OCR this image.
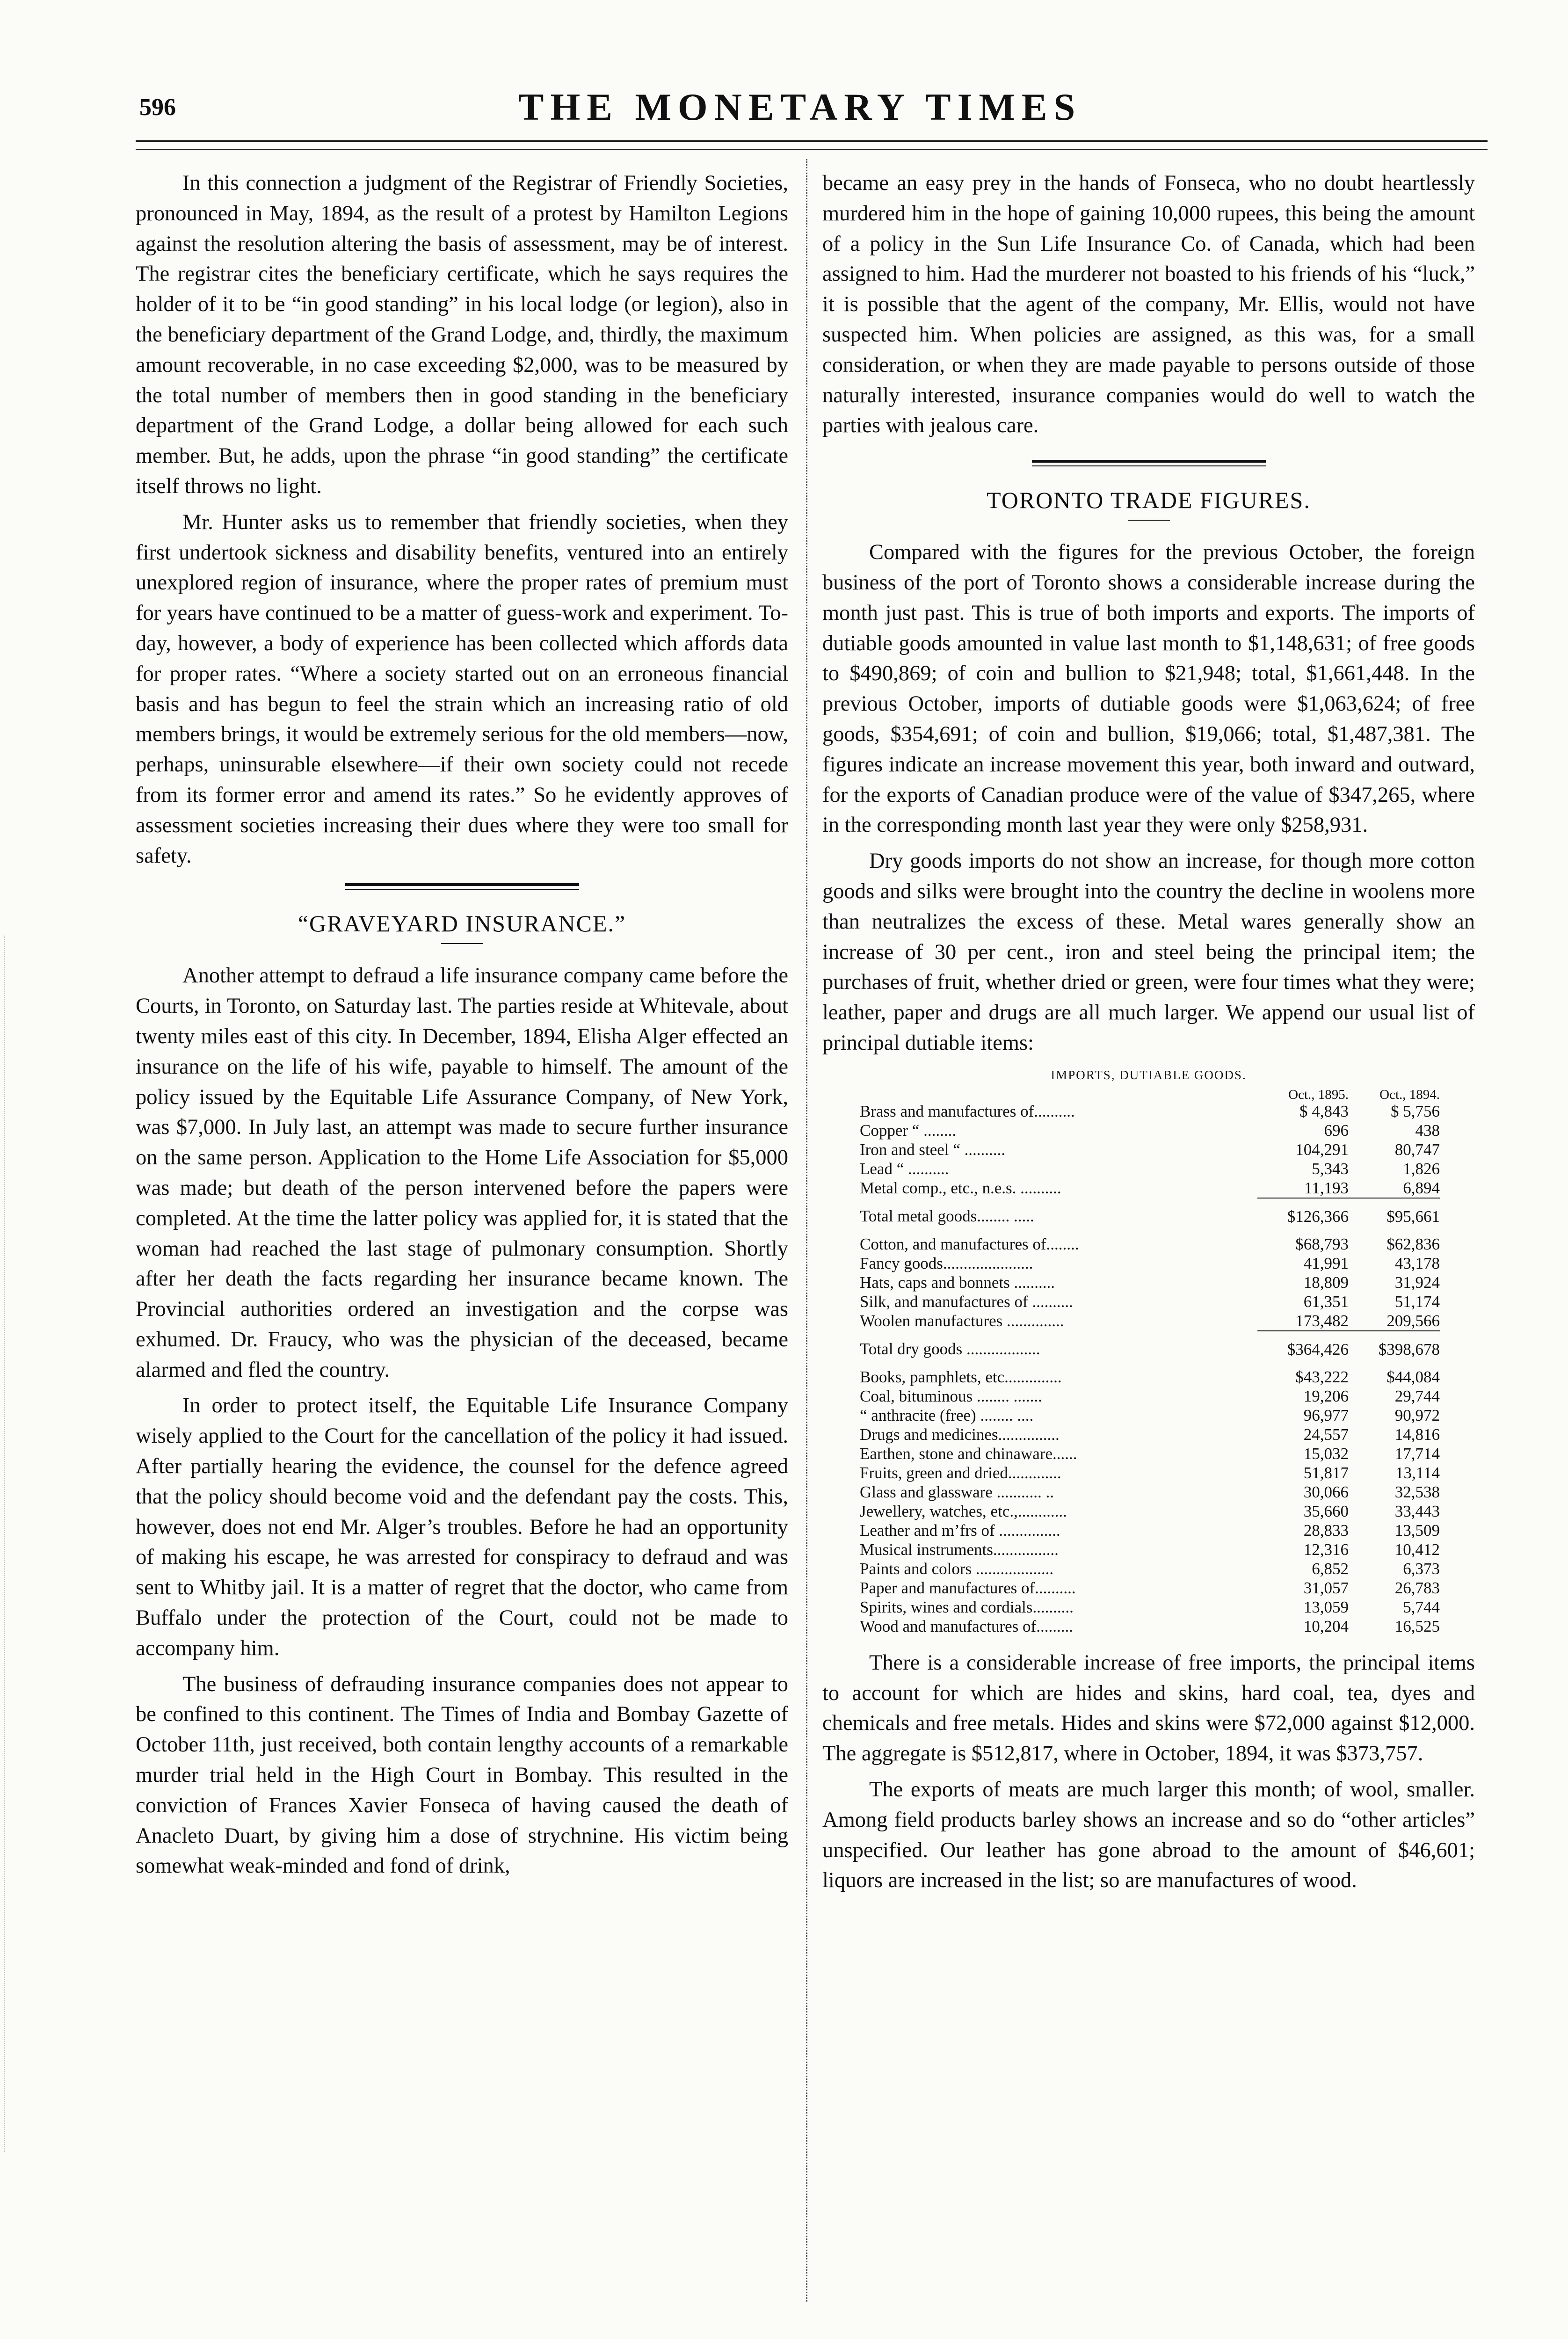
596	THE MONETARY TIMES

In this connection a judgment of the Registrar of Friendly Societies, pronounced in May, 1894, as the result of a protest by Hamilton Legions against the resolution altering the basis of assessment, may be of interest. The registrar cites the beneficiary certificate, which he says requires the holder of it to be “in good standing” in his local lodge (or legion), also in the beneficiary department of the Grand Lodge, and, thirdly, the maximum amount recoverable, in no case exceeding $2,000, was to be measured by the total number of members then in good standing in the beneficiary department of the Grand Lodge, a dollar being allowed for each such member. But, he adds, upon the phrase “in good standing” the certificate itself throws no light.

Mr. Hunter asks us to remember that friendly societies, when they first undertook sickness and disability benefits, ventured into an entirely unexplored region of insurance, where the proper rates of premium must for years have continued to be a matter of guess-work and experiment. To-day, however, a body of experience has been collected which affords data for proper rates. “Where a society started out on an erroneous financial basis and has begun to feel the strain which an increasing ratio of old members brings, it would be extremely serious for the old members—now, perhaps, uninsurable elsewhere—if their own society could not recede from its former error and amend its rates.” So he evidently approves of assessment societies increasing their dues where they were too small for safety.

“GRAVEYARD INSURANCE.”

Another attempt to defraud a life insurance company came before the Courts, in Toronto, on Saturday last. The parties reside at Whitevale, about twenty miles east of this city. In December, 1894, Elisha Alger effected an insurance on the life of his wife, payable to himself. The amount of the policy issued by the Equitable Life Assurance Company, of New York, was $7,000. In July last, an attempt was made to secure further insurance on the same person. Application to the Home Life Association for $5,000 was made; but death of the person intervened before the papers were completed. At the time the latter policy was applied for, it is stated that the woman had reached the last stage of pulmonary consumption. Shortly after her death the facts regarding her insurance became known. The Provincial authorities ordered an investigation and the corpse was exhumed. Dr. Fraucy, who was the physician of the deceased, became alarmed and fled the country.

In order to protect itself, the Equitable Life Insurance Company wisely applied to the Court for the cancellation of the policy it had issued. After partially hearing the evidence, the counsel for the defence agreed that the policy should become void and the defendant pay the costs. This, however, does not end Mr. Alger’s troubles. Before he had an opportunity of making his escape, he was arrested for conspiracy to defraud and was sent to Whitby jail. It is a matter of regret that the doctor, who came from Buffalo under the protection of the Court, could not be made to accompany him.

The business of defrauding insurance companies does not appear to be confined to this continent. The Times of India and Bombay Gazette of October 11th, just received, both contain lengthy accounts of a remarkable murder trial held in the High Court in Bombay. This resulted in the conviction of Frances Xavier Fonseca of having caused the death of Anacleto Duart, by giving him a dose of strychnine. His victim being somewhat weak-minded and fond of drink,

became an easy prey in the hands of Fonseca, who no doubt heartlessly murdered him in the hope of gaining 10,000 rupees, this being the amount of a policy in the Sun Life Insurance Co. of Canada, which had been assigned to him. Had the murderer not boasted to his friends of his “luck,” it is possible that the agent of the company, Mr. Ellis, would not have suspected him. When policies are assigned, as this was, for a small consideration, or when they are made payable to persons outside of those naturally interested, insurance companies would do well to watch the parties with jealous care.

TORONTO TRADE FIGURES.

Compared with the figures for the previous October, the foreign business of the port of Toronto shows a considerable increase during the month just past. This is true of both imports and exports. The imports of dutiable goods amounted in value last month to $1,148,631; of free goods to $490,869; of coin and bullion to $21,948; total, $1,661,448. In the previous October, imports of dutiable goods were $1,063,624; of free goods, $354,691; of coin and bullion, $19,066; total, $1,487,381. The figures indicate an increase movement this year, both inward and outward, for the exports of Canadian produce were of the value of $347,265, where in the corresponding month last year they were only $258,931.

Dry goods imports do not show an increase, for though more cotton goods and silks were brought into the country the decline in woolens more than neutralizes the excess of these. Metal wares generally show an increase of 30 per cent., iron and steel being the principal item; the purchases of fruit, whether dried or green, were four times what they were; leather, paper and drugs are all much larger. We append our usual list of principal dutiable items:

IMPORTS, DUTIABLE GOODS.
	Oct., 1895.	Oct., 1894.
Brass and manufactures of..........	$ 4,843	$ 5,756
Copper “ ........	696	438
Iron and steel “ ..........	104,291	80,747
Lead “ ..........	5,343	1,826
Metal comp., etc., n.e.s. ..........	11,193	6,894
Total metal goods........ .....	$126,366	$95,661
Cotton, and manufactures of........	$68,793	$62,836
Fancy goods......................	41,991	43,178
Hats, caps and bonnets ..........	18,809	31,924
Silk, and manufactures of ..........	61,351	51,174
Woolen manufactures ..............	173,482	209,566
Total dry goods ..................	$364,426	$398,678
Books, pamphlets, etc..............	$43,222	$44,084
Coal, bituminous ........ .......	19,206	29,744
“ anthracite (free) ........ ....	96,977	90,972
Drugs and medicines...............	24,557	14,816
Earthen, stone and chinaware......	15,032	17,714
Fruits, green and dried.............	51,817	13,114
Glass and glassware ........... ..	30,066	32,538
Jewellery, watches, etc.,............	35,660	33,443
Leather and m’frs of ...............	28,833	13,509
Musical instruments................	12,316	10,412
Paints and colors ...................	6,852	6,373
Paper and manufactures of..........	31,057	26,783
Spirits, wines and cordials..........	13,059	5,744
Wood and manufactures of.........	10,204	16,525

There is a considerable increase of free imports, the principal items to account for which are hides and skins, hard coal, tea, dyes and chemicals and free metals. Hides and skins were $72,000 against $12,000. The aggregate is $512,817, where in October, 1894, it was $373,757.

The exports of meats are much larger this month; of wool, smaller. Among field products barley shows an increase and so do “other articles” unspecified. Our leather has gone abroad to the amount of $46,601; liquors are increased in the list; so are manufactures of wood.
